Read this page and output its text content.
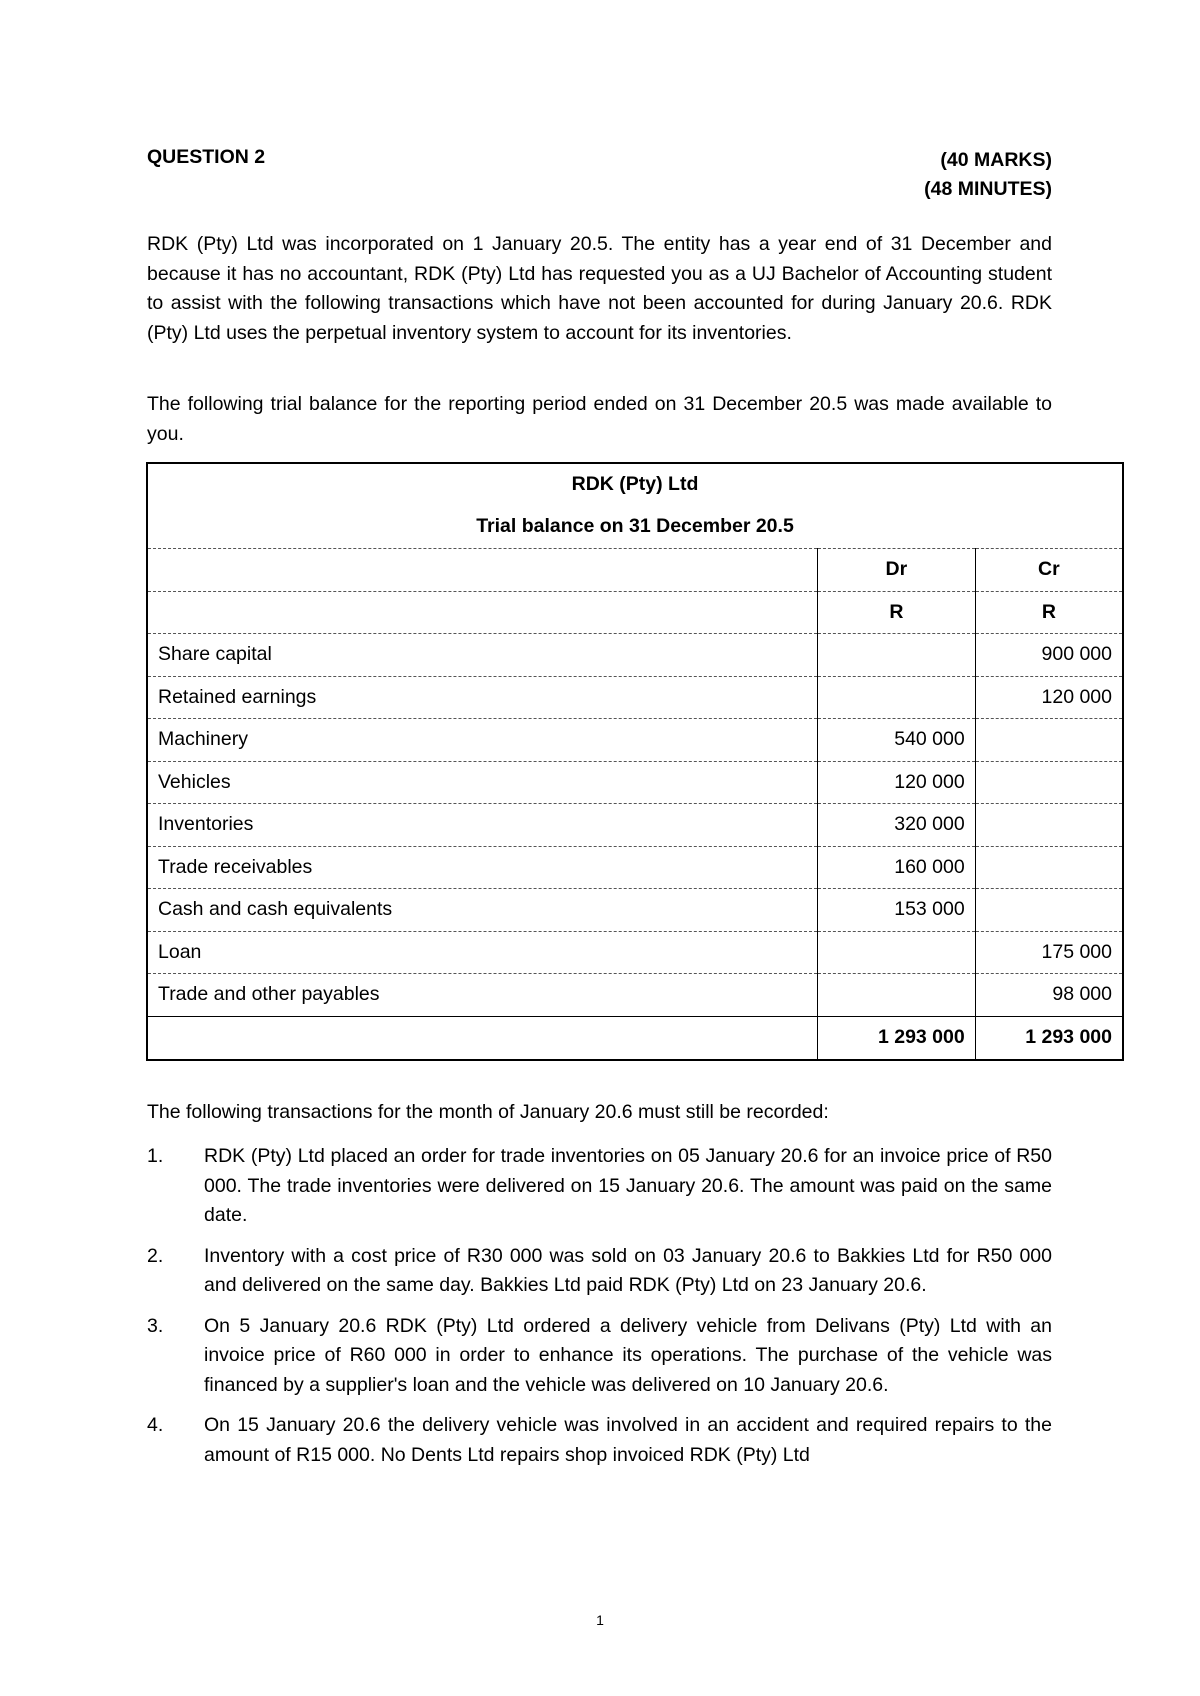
QUESTION 2	(40 MARKS)
(48 MINUTES)

RDK (Pty) Ltd was incorporated on 1 January 20.5. The entity has a year end of 31 December and because it has no accountant, RDK (Pty) Ltd has requested you as a UJ Bachelor of Accounting student to assist with the following transactions which have not been accounted for during January 20.6. RDK (Pty) Ltd uses the perpetual inventory system to account for its inventories.

The following trial balance for the reporting period ended on 31 December 20.5 was made available to you.

RDK (Pty) Ltd		
Trial balance on 31 December 20.5		
	Dr	Cr
	R	R
Share capital		900 000
Retained earnings		120 000
Machinery	540 000	
Vehicles	120 000	
Inventories	320 000	
Trade receivables	160 000	
Cash and cash equivalents	153 000	
Loan		175 000
Trade and other payables		98 000
	1 293 000	1 293 000

The following transactions for the month of January 20.6 must still be recorded:

1. RDK (Pty) Ltd placed an order for trade inventories on 05 January 20.6 for an invoice price of R50 000. The trade inventories were delivered on 15 January 20.6. The amount was paid on the same date.
2. Inventory with a cost price of R30 000 was sold on 03 January 20.6 to Bakkies Ltd for R50 000 and delivered on the same day. Bakkies Ltd paid RDK (Pty) Ltd on 23 January 20.6.
3. On 5 January 20.6 RDK (Pty) Ltd ordered a delivery vehicle from Delivans (Pty) Ltd with an invoice price of R60 000 in order to enhance its operations. The purchase of the vehicle was financed by a supplier's loan and the vehicle was delivered on 10 January 20.6.
4. On 15 January 20.6 the delivery vehicle was involved in an accident and required repairs to the amount of R15 000. No Dents Ltd repairs shop invoiced RDK (Pty) Ltd
1
